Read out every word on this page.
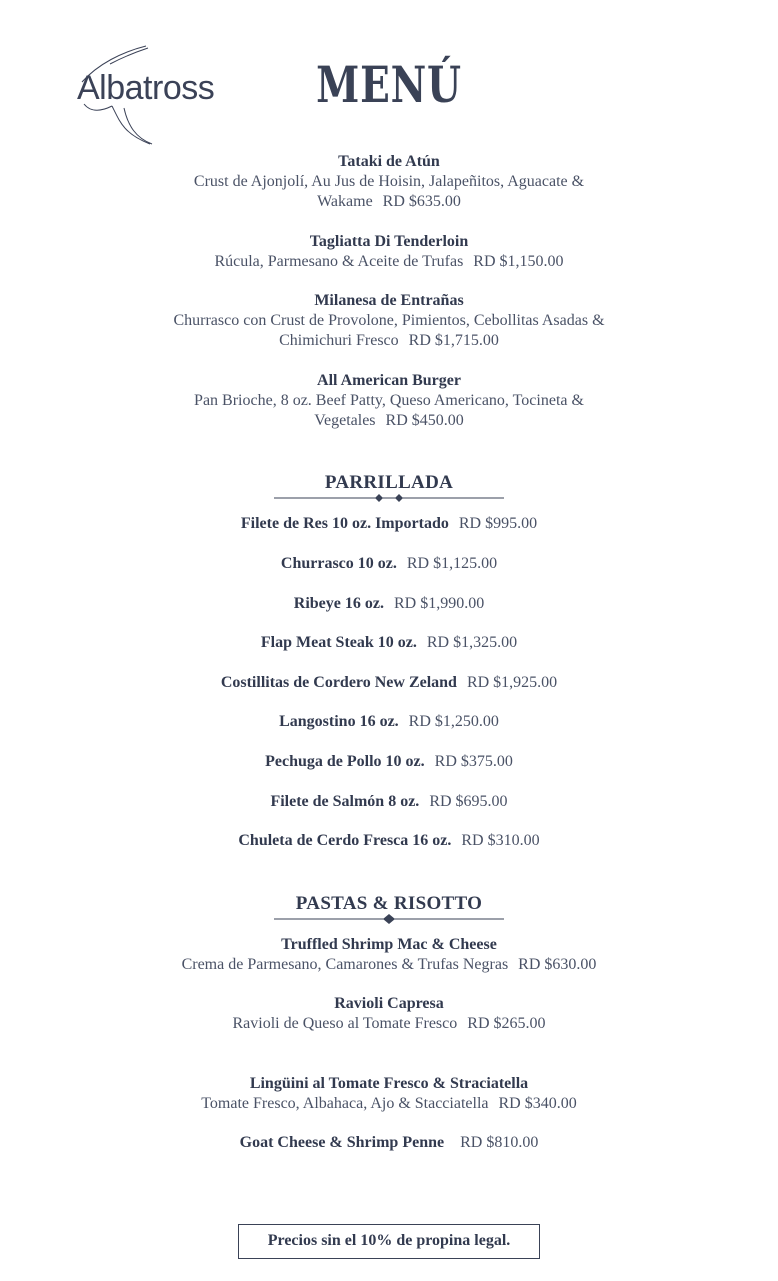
Albatross	MENÚ
Tataki de Atún
Crust de Ajonjolí, Au Jus de Hoisin, Jalapeñitos, Aguacate &
Wakame RD $635.00
Tagliatta Di Tenderloin
Rúcula, Parmesano & Aceite de Trufas RD $1,150.00
Milanesa de Entrañas
Churrasco con Crust de Provolone, Pimientos, Cebollitas Asadas &
Chimichuri Fresco RD $1,715.00
All American Burger
Pan Brioche, 8 oz. Beef Patty, Queso Americano, Tocineta &
Vegetales RD $450.00
PARRILLADA
Filete de Res 10 oz. Importado RD $995.00
Churrasco 10 oz. RD $1,125.00
Ribeye 16 oz. RD $1,990.00
Flap Meat Steak 10 oz. RD $1,325.00
Costillitas de Cordero New Zeland RD $1,925.00
Langostino 16 oz. RD $1,250.00
Pechuga de Pollo 10 oz. RD $375.00
Filete de Salmón 8 oz. RD $695.00
Chuleta de Cerdo Fresca 16 oz. RD $310.00
PASTAS & RISOTTO
Truffled Shrimp Mac & Cheese
Crema de Parmesano, Camarones & Trufas Negras RD $630.00
Ravioli Capresa
Ravioli de Queso al Tomate Fresco RD $265.00
Lingüini al Tomate Fresco & Straciatella
Tomate Fresco, Albahaca, Ajo & Stacciatella RD $340.00
Goat Cheese & Shrimp Penne RD $810.00
Precios sin el 10% de propina legal.
